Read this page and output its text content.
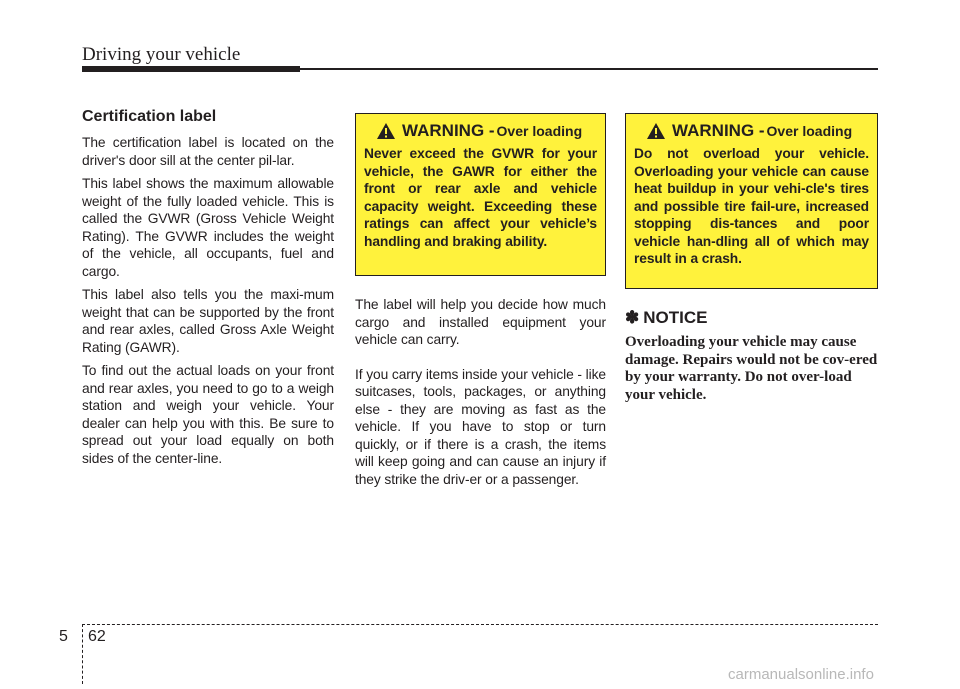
Driving your vehicle
Certification label

The certification label is located on the driver's door sill at the center pil-lar.

This label shows the maximum allowable weight of the fully loaded vehicle. This is called the GVWR (Gross Vehicle Weight Rating). The GVWR includes the weight of the vehicle, all occupants, fuel and cargo.

This label also tells you the maxi-mum weight that can be supported by the front and rear axles, called Gross Axle Weight Rating (GAWR).

To find out the actual loads on your front and rear axles, you need to go to a weigh station and weigh your vehicle. Your dealer can help you with this. Be sure to spread out your load equally on both sides of the center-line.

WARNING - Over loading

Never exceed the GVWR for your vehicle, the GAWR for either the front or rear axle and vehicle capacity weight. Exceeding these ratings can affect your vehicle’s handling and braking ability.

The label will help you decide how much cargo and installed equipment your vehicle can carry.

If you carry items inside your vehicle - like suitcases, tools, packages, or anything else - they are moving as fast as the vehicle. If you have to stop or turn quickly, or if there is a crash, the items will keep going and can cause an injury if they strike the driv-er or a passenger.

WARNING - Over loading

Do not overload your vehicle. Overloading your vehicle can cause heat buildup in your vehi-cle's tires and possible tire fail-ure, increased stopping dis-tances and poor vehicle han-dling all of which may result in a crash.

✽ NOTICE

Overloading your vehicle may cause damage. Repairs would not be cov-ered by your warranty. Do not over-load your vehicle.

5 62
carmanualsonline.info
